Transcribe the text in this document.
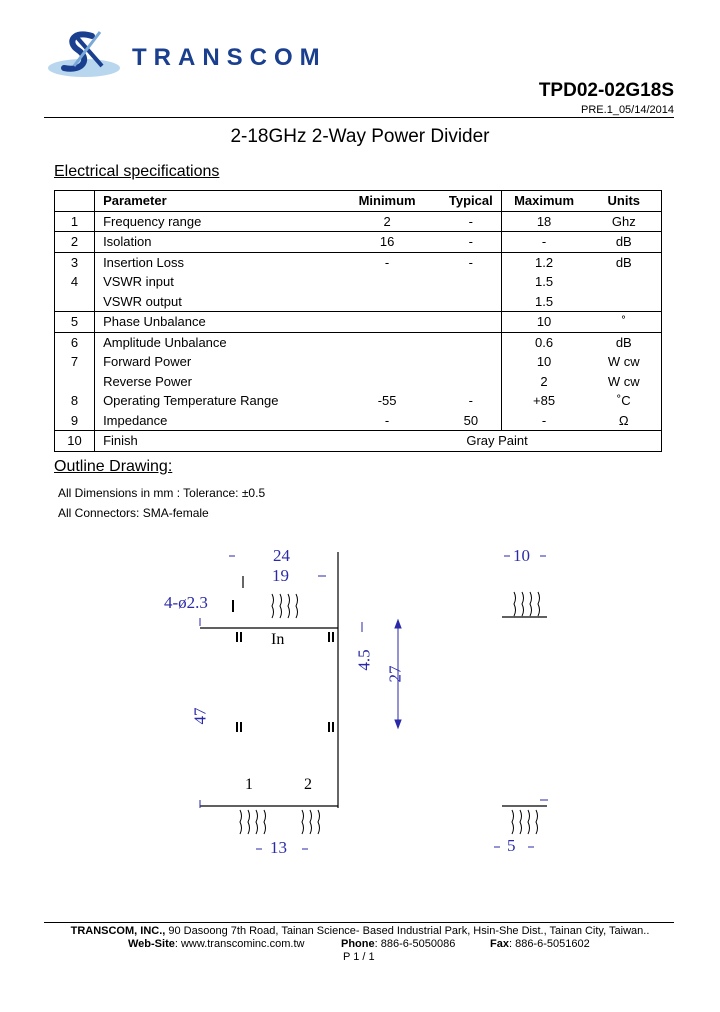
TRANSCOM
TPD02-02G18S
PRE.1_05/14/2014
2-18GHz 2-Way Power Divider
Electrical specifications
	Parameter	Minimum	Typical	Maximum	Units
1	Frequency range	2	-	18	Ghz
2	Isolation	16	-	-	dB
3	Insertion Loss	-	-	1.2	dB
4	VSWR input			1.5	
	VSWR output			1.5	
5	Phase Unbalance			10	˚
6	Amplitude Unbalance			0.6	dB
7	Forward Power			10	W cw
	Reverse Power			2	W cw
8	Operating Temperature Range	-55	-	+85	˚C
9	Impedance	-	50	-	Ω
10	Finish	Gray Paint			
Outline Drawing:
All Dimensions in mm : Tolerance: ±0.5
All Connectors: SMA-female
24
19
4-ø2.3
47
4.5
27
13
10
5
In
1	2
TRANSCOM, INC., 90 Dasoong 7th Road, Tainan Science- Based Industrial Park, Hsin-She Dist., Tainan City, Taiwan..
Web-Site: www.transcominc.com.tw	Phone: 886-6-5050086	Fax: 886-6-5051602
P 1 / 1
